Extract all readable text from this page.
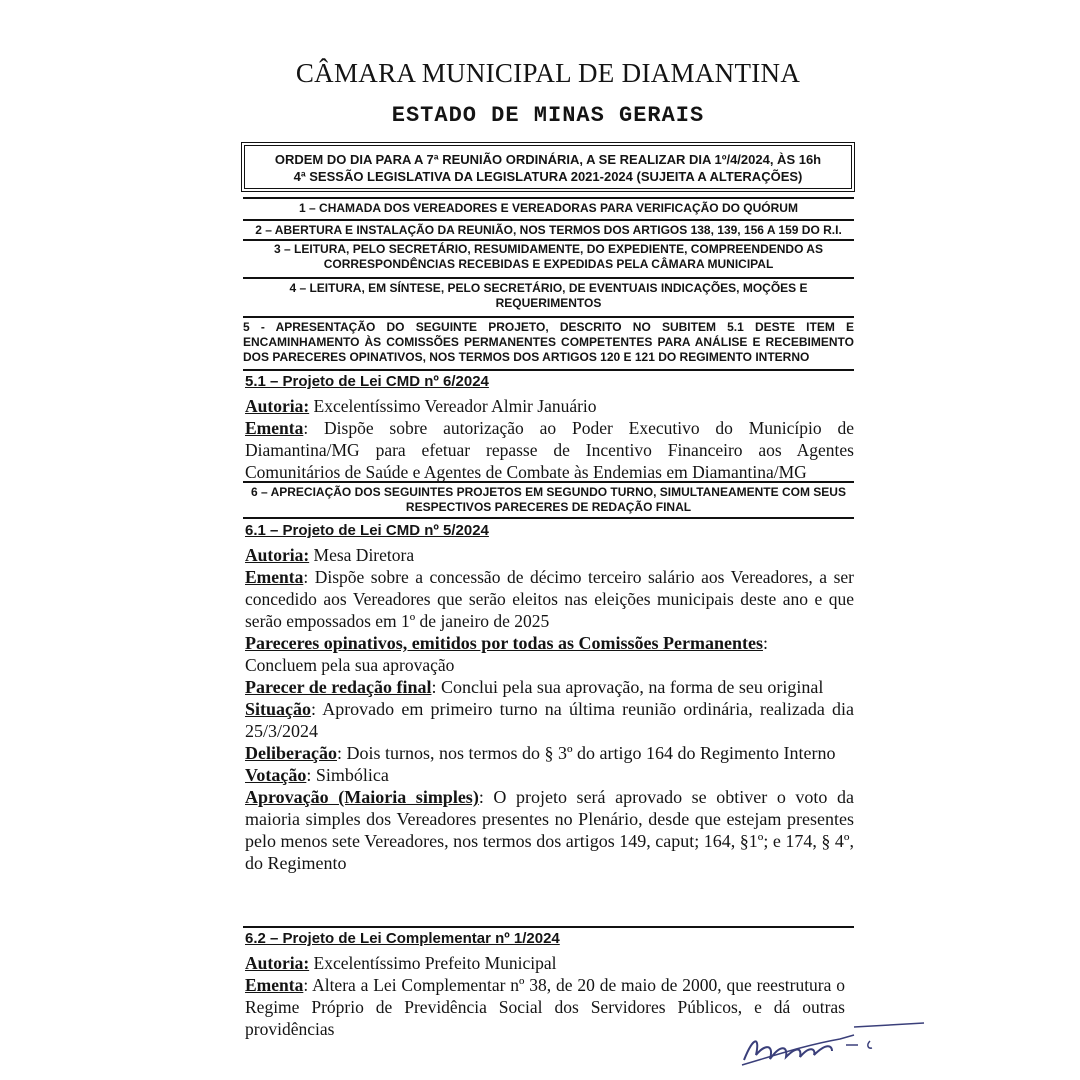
CÂMARA MUNICIPAL DE DIAMANTINA
ESTADO DE MINAS GERAIS
ORDEM DO DIA PARA A 7ª REUNIÃO ORDINÁRIA, A SE REALIZAR DIA 1º/4/2024, ÀS 16h
4ª SESSÃO LEGISLATIVA DA LEGISLATURA 2021-2024 (SUJEITA A ALTERAÇÕES)
1 – CHAMADA DOS VEREADORES E VEREADORAS PARA VERIFICAÇÃO DO QUÓRUM
2 – ABERTURA E INSTALAÇÃO DA REUNIÃO, NOS TERMOS DOS ARTIGOS 138, 139, 156 A 159 DO R.I.
3 – LEITURA, PELO SECRETÁRIO, RESUMIDAMENTE, DO EXPEDIENTE, COMPREENDENDO AS
CORRESPONDÊNCIAS RECEBIDAS E EXPEDIDAS PELA CÂMARA MUNICIPAL
4 – LEITURA, EM SÍNTESE, PELO SECRETÁRIO, DE EVENTUAIS INDICAÇÕES, MOÇÕES E
REQUERIMENTOS
5 - APRESENTAÇÃO DO SEGUINTE PROJETO, DESCRITO NO SUBITEM 5.1 DESTE ITEM E ENCAMINHAMENTO ÀS COMISSÕES PERMANENTES COMPETENTES PARA ANÁLISE E RECEBIMENTO DOS PARECERES OPINATIVOS, NOS TERMOS DOS ARTIGOS 120 E 121 DO REGIMENTO INTERNO
5.1 – Projeto de Lei CMD nº 6/2024
Autoria: Excelentíssimo Vereador Almir Januário
Ementa: Dispõe sobre autorização ao Poder Executivo do Município de Diamantina/MG para efetuar repasse de Incentivo Financeiro aos Agentes Comunitários de Saúde e Agentes de Combate às Endemias em Diamantina/MG
6 – APRECIAÇÃO DOS SEGUINTES PROJETOS EM SEGUNDO TURNO, SIMULTANEAMENTE COM SEUS
RESPECTIVOS PARECERES DE REDAÇÃO FINAL
6.1 – Projeto de Lei CMD nº 5/2024
Autoria: Mesa Diretora
Ementa: Dispõe sobre a concessão de décimo terceiro salário aos Vereadores, a ser concedido aos Vereadores que serão eleitos nas eleições municipais deste ano e que serão empossados em 1º de janeiro de 2025
Pareceres opinativos, emitidos por todas as Comissões Permanentes:
Concluem pela sua aprovação
Parecer de redação final: Conclui pela sua aprovação, na forma de seu original
Situação: Aprovado em primeiro turno na última reunião ordinária, realizada dia 25/3/2024
Deliberação: Dois turnos, nos termos do § 3º do artigo 164 do Regimento Interno
Votação: Simbólica
Aprovação (Maioria simples): O projeto será aprovado se obtiver o voto da maioria simples dos Vereadores presentes no Plenário, desde que estejam presentes pelo menos sete Vereadores, nos termos dos artigos 149, caput; 164, §1º; e 174, § 4º, do Regimento
6.2 – Projeto de Lei Complementar nº 1/2024
Autoria: Excelentíssimo Prefeito Municipal
Ementa: Altera a Lei Complementar nº 38, de 20 de maio de 2000, que reestrutura o Regime Próprio de Previdência Social dos Servidores Públicos, e dá outras providências
